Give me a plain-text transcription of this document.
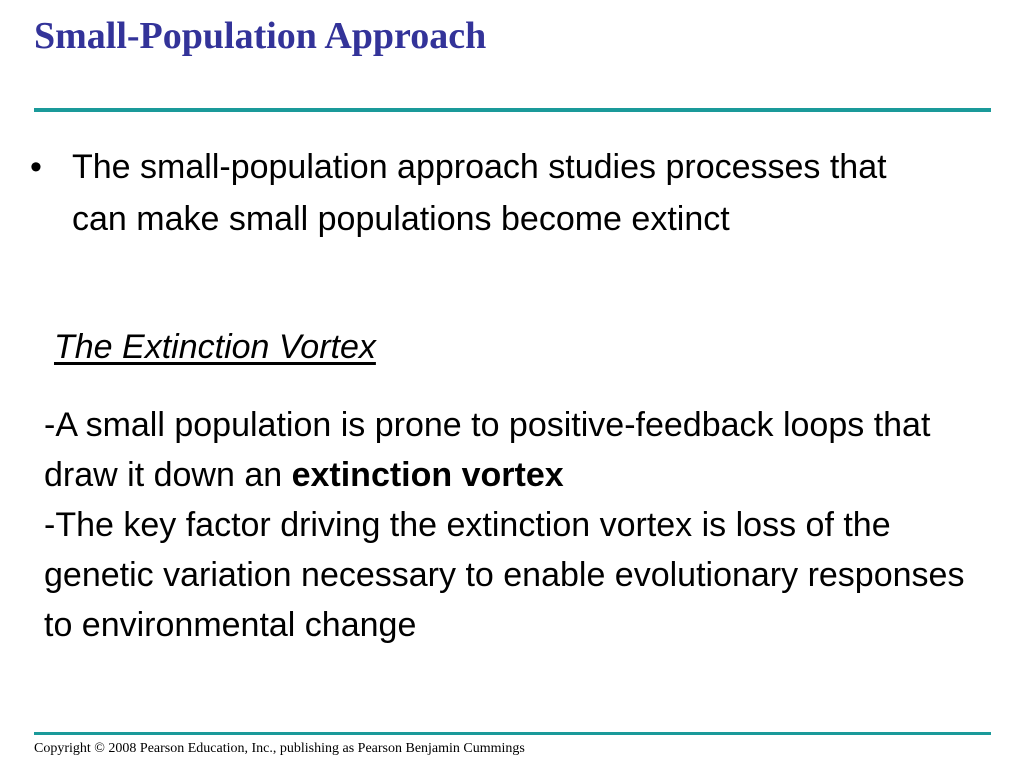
Small-Population Approach
• The small-population approach studies processes that can make small populations become extinct
The Extinction Vortex

-A small population is prone to positive-feedback loops that draw it down an extinction vortex

-The key factor driving the extinction vortex is loss of the genetic variation necessary to enable evolutionary responses to environmental change

Copyright © 2008 Pearson Education, Inc., publishing as Pearson Benjamin Cummings
